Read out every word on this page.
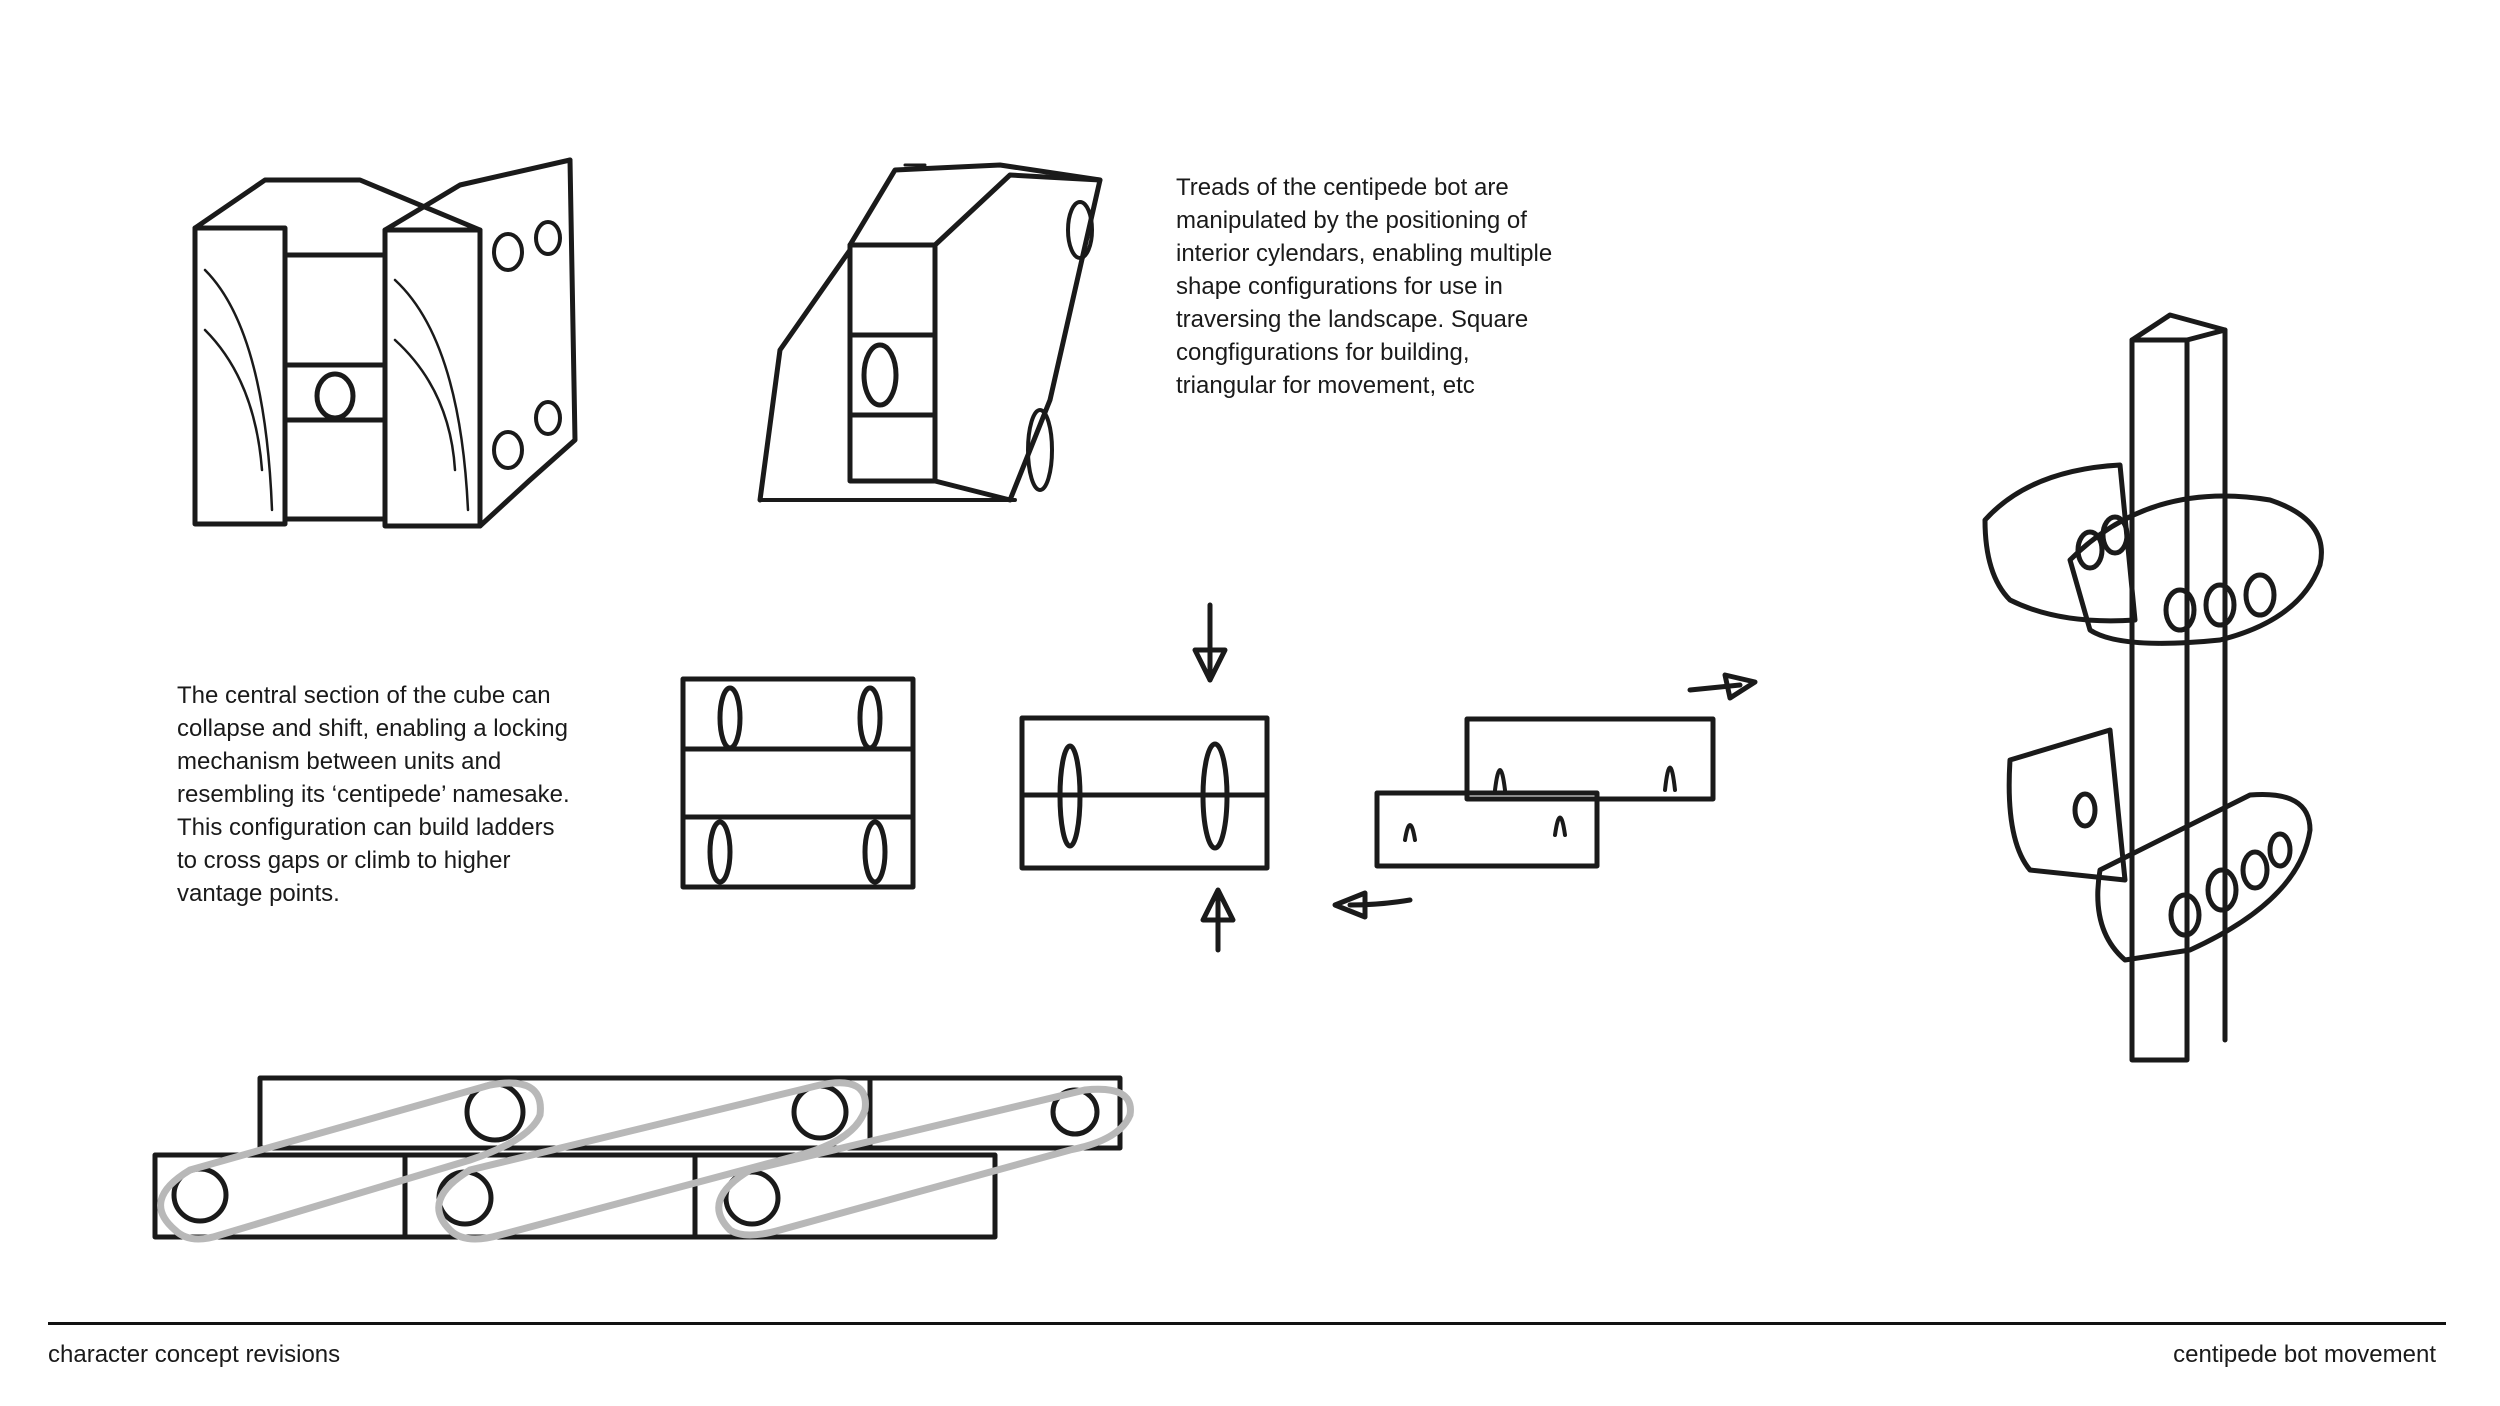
Treads of the centipede bot are
manipulated by the positioning of
interior cylendars, enabling multiple
shape configurations for use in
traversing the landscape. Square
congfigurations for building,
triangular for movement, etc

The central section of the cube can
collapse and shift, enabling a locking
mechanism between units and
resembling its ‘centipede’ namesake.
This configuration can build ladders
to cross gaps or climb to higher
vantage points.

character concept revisions	centipede bot movement
